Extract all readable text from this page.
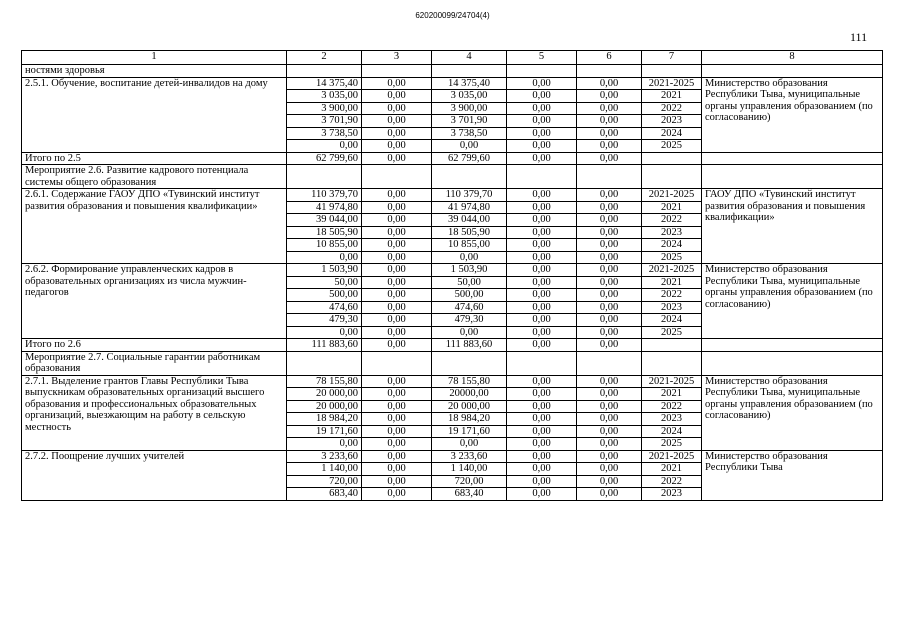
620200099/24704(4)
111
1	2	3	4	5	6	7	8
ностями здоровья							
2.5.1. Обучение, воспитание детей-инвалидов на дому	14 375,40	0,00	14 375,40	0,00	0,00	2021-2025	Министерство образования Республики Тыва, муниципальные органы управления образованием (по согласованию)
	3 035,00	0,00	3 035,00	0,00	0,00	2021	
	3 900,00	0,00	3 900,00	0,00	0,00	2022	
	3 701,90	0,00	3 701,90	0,00	0,00	2023	
	3 738,50	0,00	3 738,50	0,00	0,00	2024	
	0,00	0,00	0,00	0,00	0,00	2025	
Итого по 2.5	62 799,60	0,00	62 799,60	0,00	0,00		
Мероприятие 2.6. Развитие кадрового потенциала системы общего образования							
2.6.1. Содержание ГАОУ ДПО «Тувинский институт развития образования и повышения квалификации»	110 379,70	0,00	110 379,70	0,00	0,00	2021-2025	ГАОУ ДПО «Тувинский институт развития образования и повышения квалификации»
	41 974,80	0,00	41 974,80	0,00	0,00	2021	
	39 044,00	0,00	39 044,00	0,00	0,00	2022	
	18 505,90	0,00	18 505,90	0,00	0,00	2023	
	10 855,00	0,00	10 855,00	0,00	0,00	2024	
	0,00	0,00	0,00	0,00	0,00	2025	
2.6.2. Формирование управленческих кадров в образовательных организациях из числа мужчин-педагогов	1 503,90	0,00	1 503,90	0,00	0,00	2021-2025	Министерство образования Республики Тыва, муниципальные органы управления образованием (по согласованию)
	50,00	0,00	50,00	0,00	0,00	2021	
	500,00	0,00	500,00	0,00	0,00	2022	
	474,60	0,00	474,60	0,00	0,00	2023	
	479,30	0,00	479,30	0,00	0,00	2024	
	0,00	0,00	0,00	0,00	0,00	2025	
Итого по 2.6	111 883,60	0,00	111 883,60	0,00	0,00		
Мероприятие 2.7. Социальные гарантии работникам образования							
2.7.1. Выделение грантов Главы Республики Тыва выпускникам образовательных организаций высшего образования и профессиональных образовательных организаций, выезжающим на работу в сельскую местность	78 155,80	0,00	78 155,80	0,00	0,00	2021-2025	Министерство образования Республики Тыва, муниципальные органы управления образованием (по согласованию)
	20 000,00	0,00	20000,00	0,00	0,00	2021	
	20 000,00	0,00	20 000,00	0,00	0,00	2022	
	18 984,20	0,00	18 984,20	0,00	0,00	2023	
	19 171,60	0,00	19 171,60	0,00	0,00	2024	
	0,00	0,00	0,00	0,00	0,00	2025	
2.7.2. Поощрение лучших учителей	3 233,60	0,00	3 233,60	0,00	0,00	2021-2025	Министерство образования Республики Тыва
	1 140,00	0,00	1 140,00	0,00	0,00	2021	
	720,00	0,00	720,00	0,00	0,00	2022	
	683,40	0,00	683,40	0,00	0,00	2023	
